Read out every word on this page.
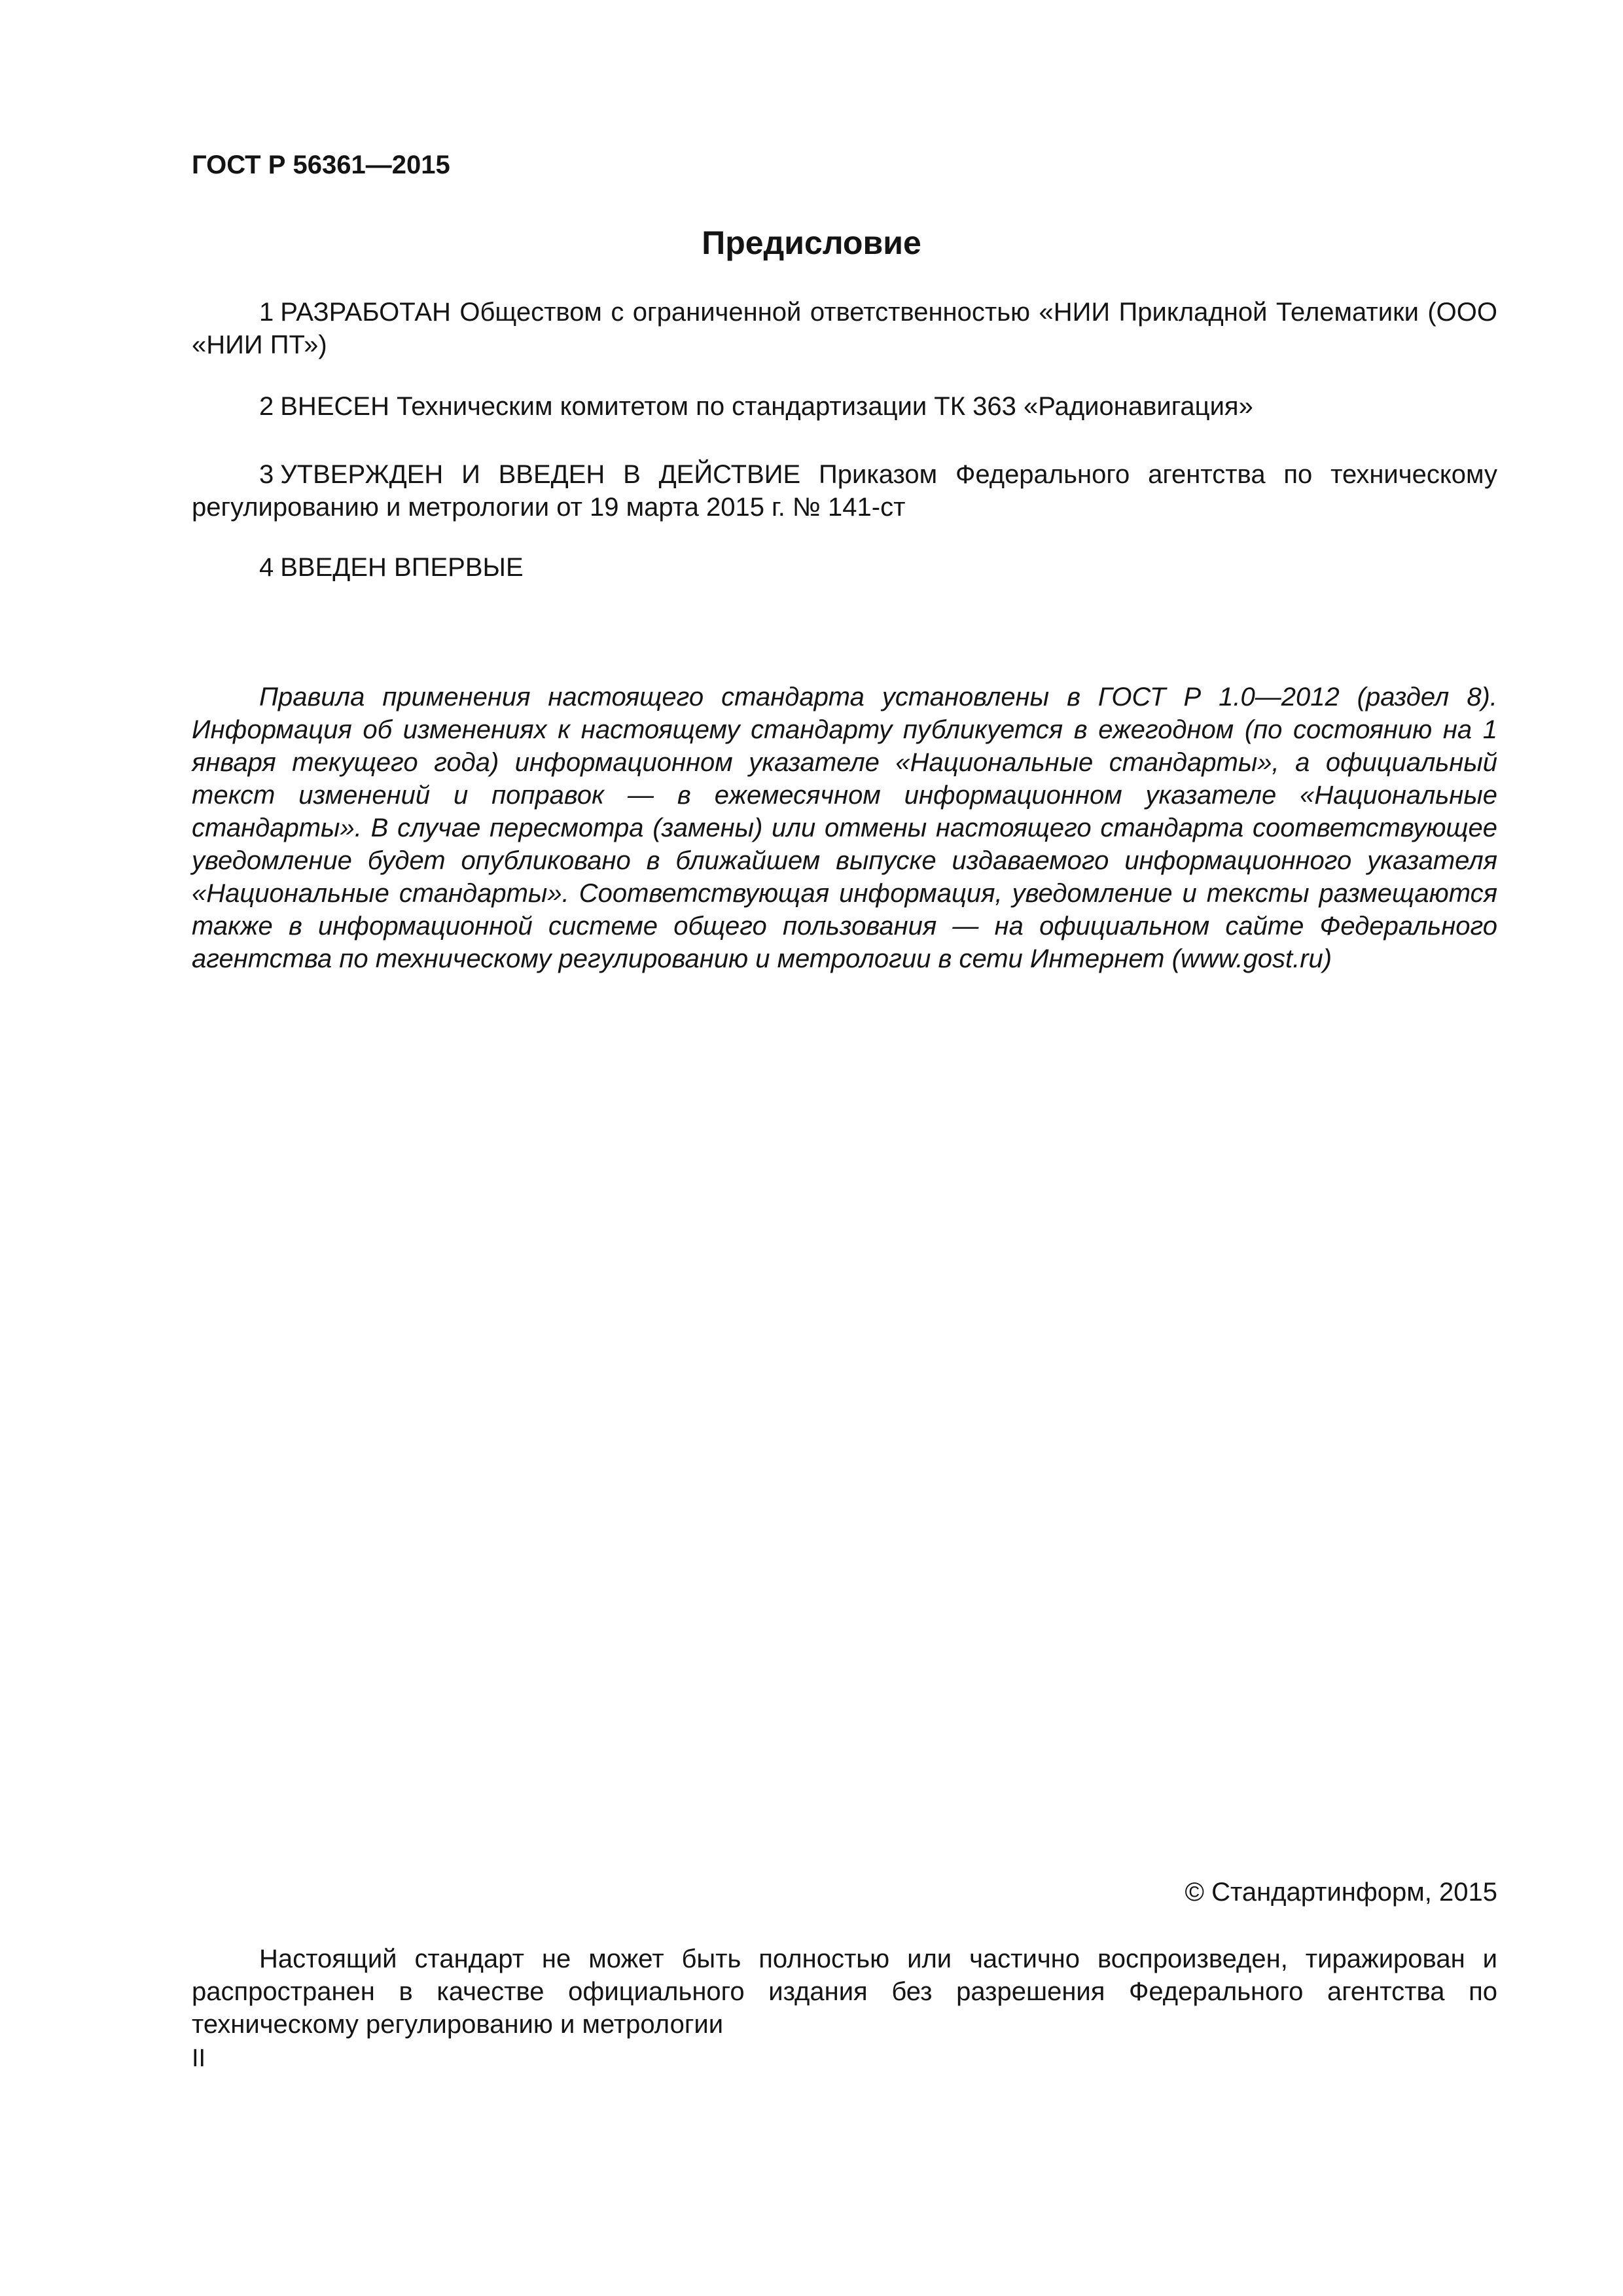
ГОСТ Р 56361—2015

Предисловие

1 РАЗРАБОТАН Обществом с ограниченной ответственностью «НИИ Прикладной Телематики (ООО «НИИ ПТ»)

2 ВНЕСЕН Техническим комитетом по стандартизации ТК 363 «Радионавигация»

3 УТВЕРЖДЕН И ВВЕДЕН В ДЕЙСТВИЕ Приказом Федерального агентства по техническому регулированию и метрологии от 19 марта 2015 г. № 141-ст

4 ВВЕДЕН ВПЕРВЫЕ

Правила применения настоящего стандарта установлены в ГОСТ Р 1.0—2012 (раздел 8). Информация об изменениях к настоящему стандарту публикуется в ежегодном (по состоянию на 1 января текущего года) информационном указателе «Национальные стандарты», а официальный текст изменений и поправок — в ежемесячном информационном указателе «Национальные стандарты». В случае пересмотра (замены) или отмены настоящего стандарта соответствующее уведомление будет опубликовано в ближайшем выпуске издаваемого информационного указателя «Национальные стандарты». Соответствующая информация, уведомление и тексты размещаются также в информационной системе общего пользования — на официальном сайте Федерального агентства по техническому регулированию и метрологии в сети Интернет (www.gost.ru)

© Стандартинформ, 2015

Настоящий стандарт не может быть полностью или частично воспроизведен, тиражирован и распространен в качестве официального издания без разрешения Федерального агентства по техническому регулированию и метрологии

II
